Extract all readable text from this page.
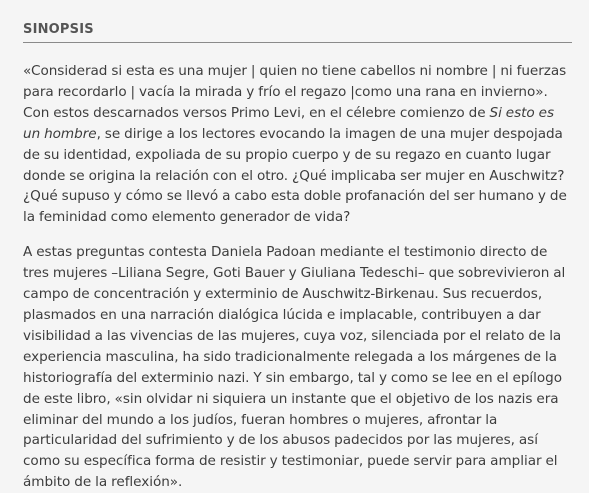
SINOPSIS

«Considerad si esta es una mujer | quien no tiene cabellos ni nombre | ni fuerzas para recordarlo | vacía la mirada y frío el regazo |como una rana en invierno». Con estos descarnados versos Primo Levi, en el célebre comienzo de Si esto es un hombre, se dirige a los lectores evocando la imagen de una mujer despojada de su identidad, expoliada de su propio cuerpo y de su regazo en cuanto lugar donde se origina la relación con el otro. ¿Qué implicaba ser mujer en Auschwitz? ¿Qué supuso y cómo se llevó a cabo esta doble profanación del ser humano y de la feminidad como elemento generador de vida?

A estas preguntas contesta Daniela Padoan mediante el testimonio directo de tres mujeres –Liliana Segre, Goti Bauer y Giuliana Tedeschi– que sobrevivieron al campo de concentración y exterminio de Auschwitz-Birkenau. Sus recuerdos, plasmados en una narración dialógica lúcida e implacable, contribuyen a dar visibilidad a las vivencias de las mujeres, cuya voz, silenciada por el relato de la experiencia masculina, ha sido tradicionalmente relegada a los márgenes de la historiografía del exterminio nazi. Y sin embargo, tal y como se lee en el epílogo de este libro, «sin olvidar ni siquiera un instante que el objetivo de los nazis era eliminar del mundo a los judíos, fueran hombres o mujeres, afrontar la particularidad del sufrimiento y de los abusos padecidos por las mujeres, así como su específica forma de resistir y testimoniar, puede servir para ampliar el ámbito de la reflexión».
